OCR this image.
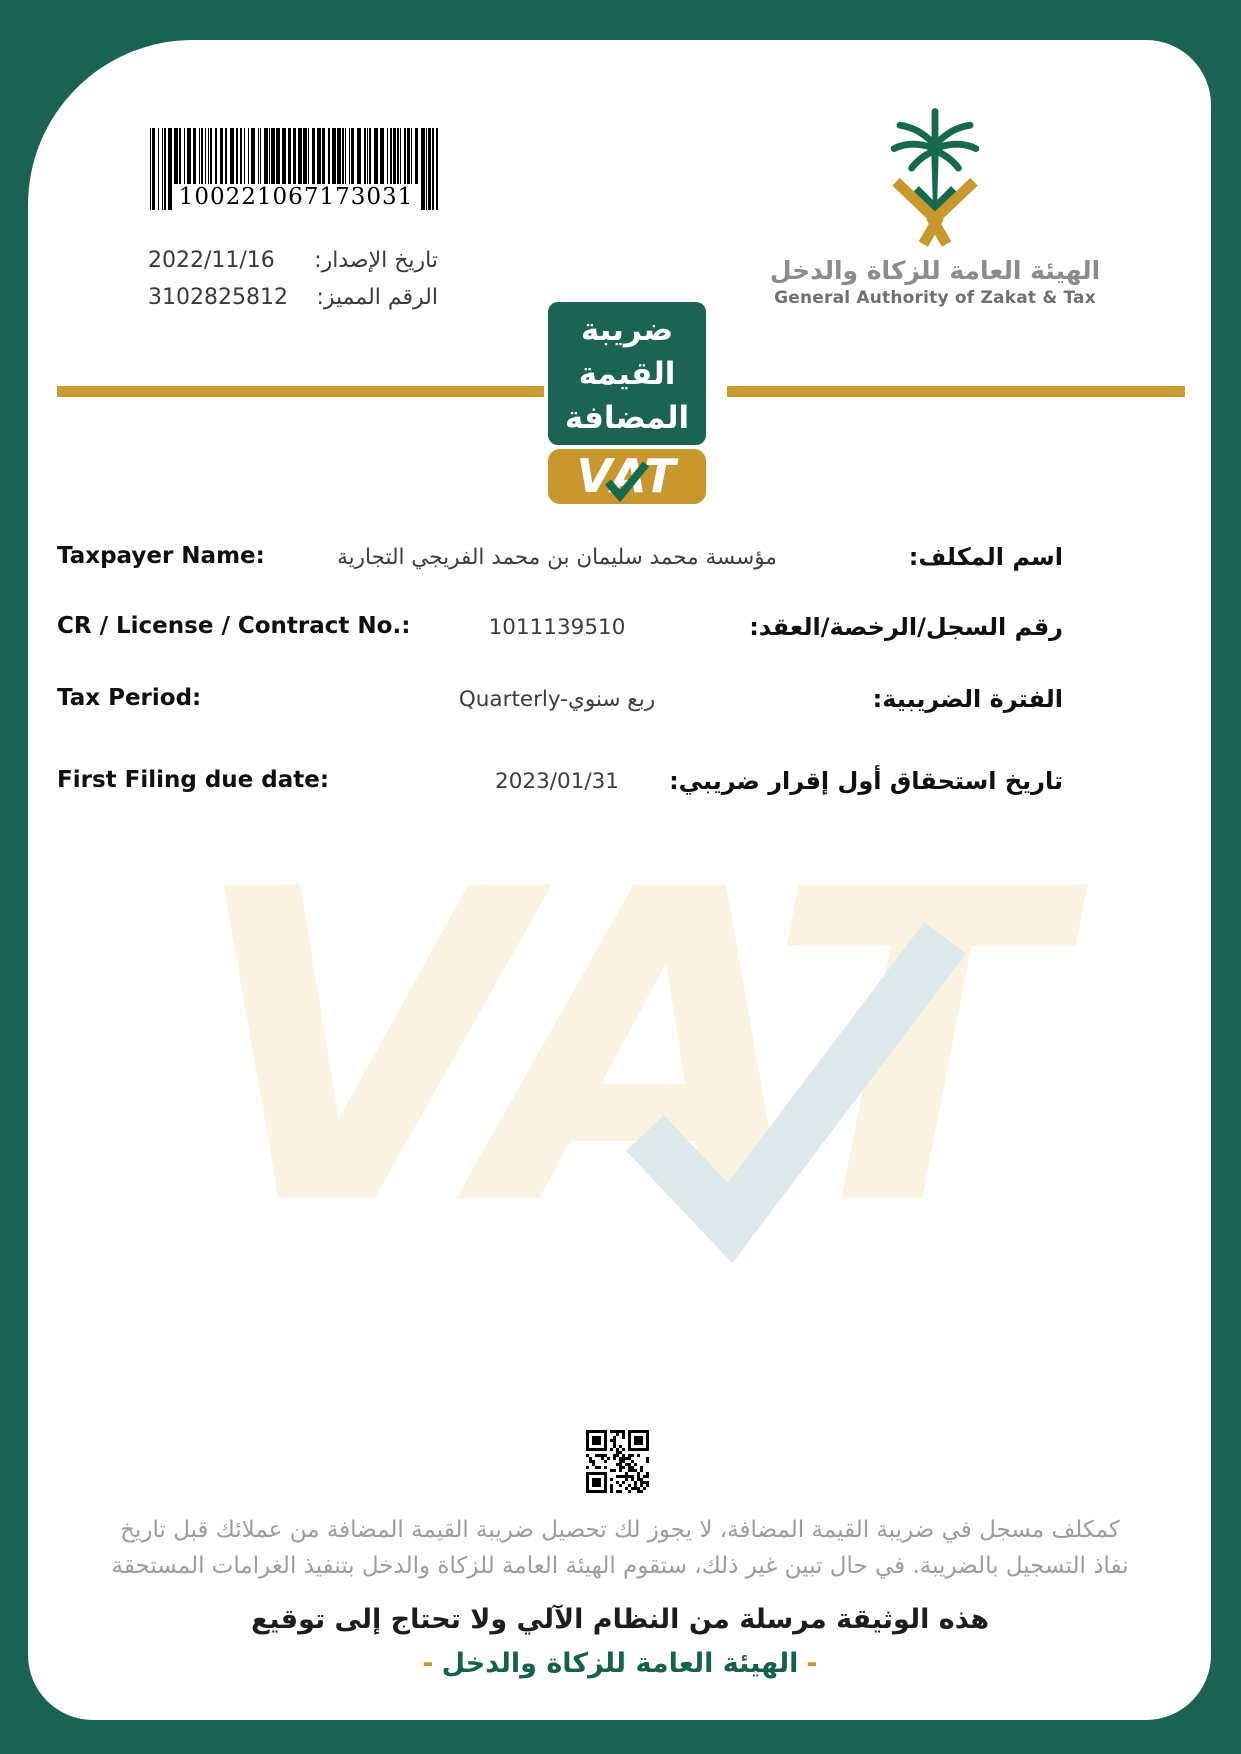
VAT
100221067173031
تاريخ الإصدار:
2022/11/16
الرقم المميز:
3102825812
الهيئة العامة للزكاة والدخل
General Authority of Zakat & Tax
ضريبة
القيمة
المضافة
VAT
Taxpayer Name:	مؤسسة محمد سليمان بن محمد الفريجي التجارية	اسم المكلف:
CR / License / Contract No.:	1011139510	رقم السجل/الرخصة/العقد:
Tax Period:	Quarterly-ربع سنوي	الفترة الضريبية:
First Filing due date:	2023/01/31	تاريخ استحقاق أول إقرار ضريبي:
كمكلف مسجل في ضريبة القيمة المضافة، لا يجوز لك تحصيل ضريبة القيمة المضافة من عملائك قبل تاريخ
نفاذ التسجيل بالضريبة. في حال تبين غير ذلك، ستقوم الهيئة العامة للزكاة والدخل بتنفيذ الغرامات المستحقة
هذه الوثيقة مرسلة من النظام الآلي ولا تحتاج إلى توقيع
-الهيئة العامة للزكاة والدخل-
